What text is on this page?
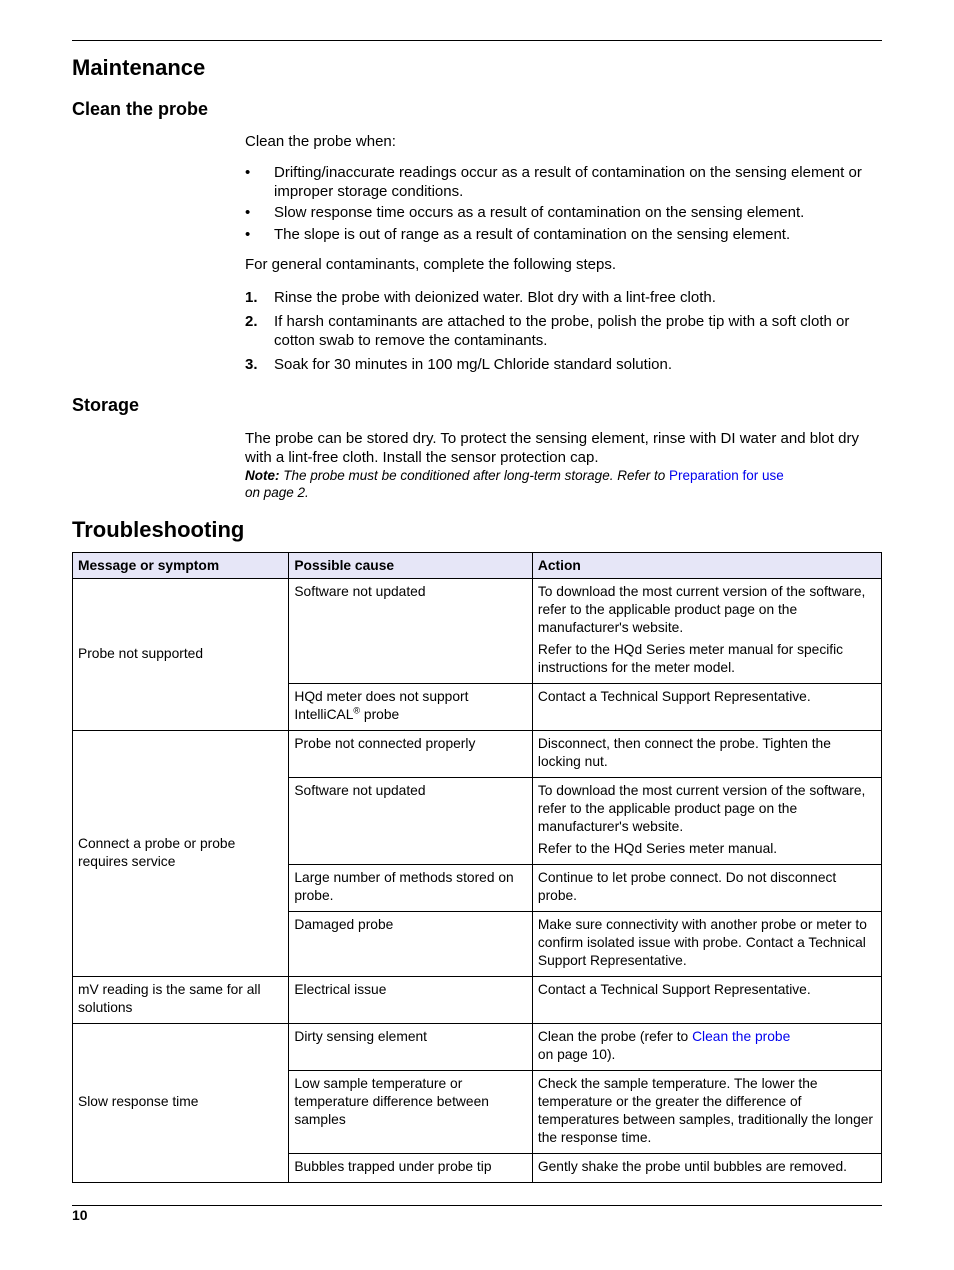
Maintenance
Clean the probe

Clean the probe when:

• Drifting/inaccurate readings occur as a result of contamination on the sensing element or improper storage conditions.
• Slow response time occurs as a result of contamination on the sensing element.
• The slope is out of range as a result of contamination on the sensing element.

For general contaminants, complete the following steps.

1. Rinse the probe with deionized water. Blot dry with a lint-free cloth.
2. If harsh contaminants are attached to the probe, polish the probe tip with a soft cloth or cotton swab to remove the contaminants.
3. Soak for 30 minutes in 100 mg/L Chloride standard solution.
Storage

The probe can be stored dry. To protect the sensing element, rinse with DI water and blot dry with a lint-free cloth. Install the sensor protection cap.

Note: The probe must be conditioned after long-term storage. Refer to Preparation for use
on page 2.

Troubleshooting
Message or symptom	Possible cause	Action
Probe not supported	Software not updated	To download the most current version of the software, refer to the applicable product page on the manufacturer's website.

Refer to the HQd Series meter manual for specific instructions for the meter model.

	HQd meter does not support IntelliCAL® probe	Contact a Technical Support Representative.
Connect a probe or probe requires service	Probe not connected properly	Disconnect, then connect the probe. Tighten the locking nut.
	Software not updated	To download the most current version of the software, refer to the applicable product page on the manufacturer's website.

Refer to the HQd Series meter manual.

	Large number of methods stored on probe.	Continue to let probe connect. Do not disconnect probe.
	Damaged probe	Make sure connectivity with another probe or meter to confirm isolated issue with probe. Contact a Technical Support Representative.
mV reading is the same for all solutions	Electrical issue	Contact a Technical Support Representative.
Slow response time	Dirty sensing element	Clean the probe (refer to Clean the probe
on page 10).
	Low sample temperature or temperature difference between samples	Check the sample temperature. The lower the temperature or the greater the difference of temperatures between samples, traditionally the longer the response time.
	Bubbles trapped under probe tip	Gently shake the probe until bubbles are removed.
10
